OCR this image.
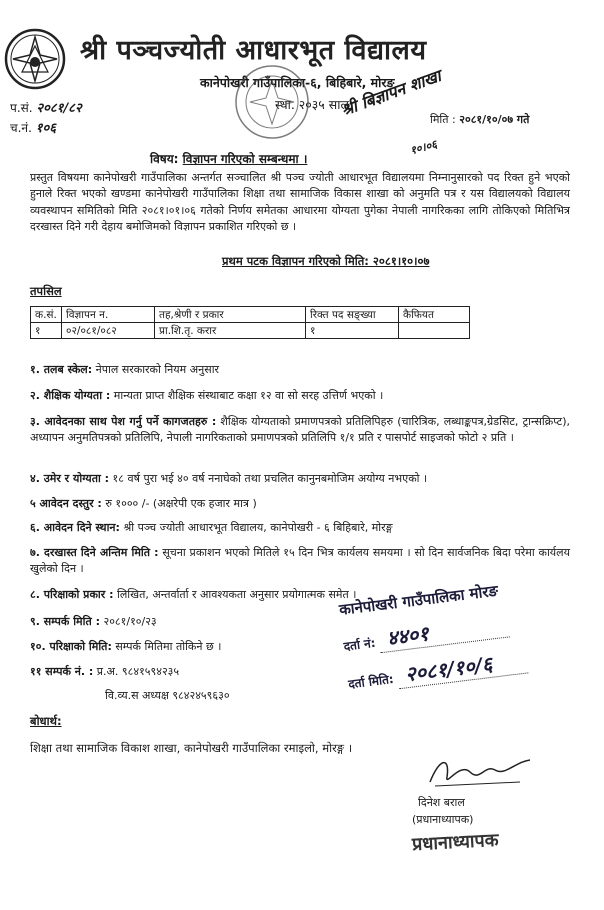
श्री पञ्चज्योती आधारभूत विद्यालय
कानेपोखरी गाउँपालिका-६, बिहिबारे, मोरङ
स्था. २०३५ साल
प.सं. २०८१/८२
च.नं. १०६
मिति : २०८१/१०/०७ गते
श्री बिज्ञापन शाखा
१०।०६
विषय: विज्ञापन गरिएको सम्बन्धमा ।
प्रस्तुत विषयमा कानेपोखरी गाउँपालिका अन्तर्गत सञ्चालित श्री पञ्च ज्योती आधारभूत विद्यालयमा निम्नानुसारको पद रिक्त हुने भएको हुनाले रिक्त भएको खण्डमा कानेपोखरी गाउँपालिका शिक्षा तथा सामाजिक विकास शाखा को अनुमति पत्र र यस विद्यालयको विद्यालय व्यवस्थापन समितिको मिति २०८१।०१।०६ गतेको निर्णय समेतका आधारमा योग्यता पुगेका नेपाली नागरिकका लागि तोकिएको मितिभित्र दरखास्त दिने गरी देहाय बमोजिमको विज्ञापन प्रकाशित गरिएको छ ।
प्रथम पटक विज्ञापन गरिएको मिति: २०८१।१०।०७
तपसिल
क.सं.	विज्ञापन न.	तह,श्रेणी र प्रकार	रिक्त पद सङ्ख्या	कैफियत
१	०२/०८१/०८२	प्रा.शि.तृ. करार	१	
१. तलब स्केल: नेपाल सरकारको नियम अनुसार
२. शैक्षिक योग्यता : मान्यता प्राप्त शैक्षिक संस्थाबाट कक्षा १२ वा सो सरह उत्तिर्ण भएको ।
३. आवेदनका साथ पेश गर्नु पर्ने कागजतहरु : शैक्षिक योग्यताको प्रमाणपत्रको प्रतिलिपिहरु (चारित्रिक, लब्धाङ्कपत्र,ग्रेडसिट, ट्रान्सक्रिप्ट), अध्यापन अनुमतिपत्रको प्रतिलिपि, नेपाली नागरिकताको प्रमाणपत्रको प्रतिलिपि १/१ प्रति र पासपोर्ट साइजको फोटो २ प्रति ।
४. उमेर र योग्यता : १८ वर्ष पुरा भई ४० वर्ष ननाघेको तथा प्रचलित कानुनबमोजिम अयोग्य नभएको ।
५ आवेदन दस्तुर : रु १००० /- (अक्षरेपी एक हजार मात्र )
६. आवेदन दिने स्थान: श्री पञ्च ज्योती आधारभूत विद्यालय, कानेपोखरी - ६ बिहिबारे, मोरङ्ग
७. दरखास्त दिने अन्तिम मिति : सूचना प्रकाशन भएको मितिले १५ दिन भित्र कार्यलय समयमा । सो दिन सार्वजनिक बिदा परेमा कार्यलय खुलेको दिन ।
८. परिक्षाको प्रकार : लिखित, अन्तर्वार्ता र आवश्यकता अनुसार प्रयोगात्मक समेत ।
९. सम्पर्क मिति : २०८१/१०/२३
१०. परिक्षाको मिति: सम्पर्क मितिमा तोकिने छ ।
११ सम्पर्क नं. : प्र.अ. ९८४१५९४२३५
वि.व्य.स अध्यक्ष ९८४२४५९६३०
कानेपोखरी गाउँपालिका मोरङ
दर्ता नं: ४४०१
दर्ता मिति: २०८१/१०/६
बोधार्थ:
शिक्षा तथा सामाजिक विकाश शाखा, कानेपोखरी गाउँपालिका रमाइलो, मोरङ्ग ।
दिनेश बराल
(प्रधानाध्यापक)
प्रधानाध्यापक
